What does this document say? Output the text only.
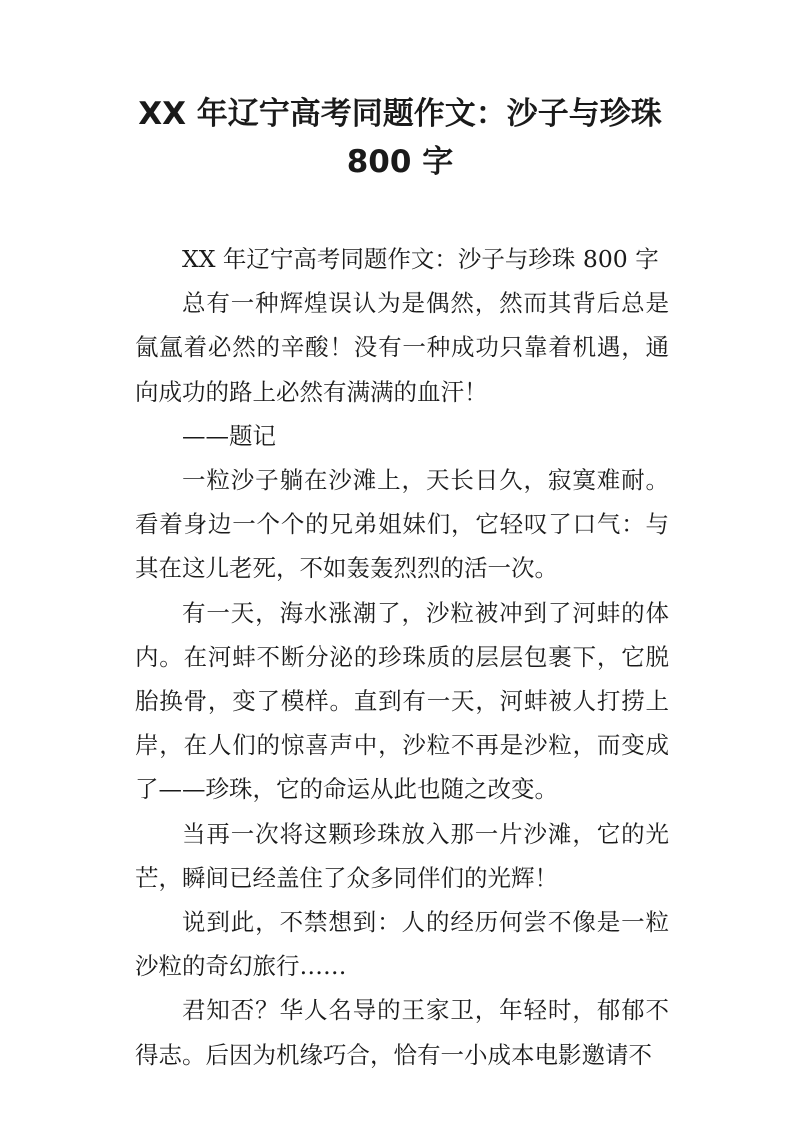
XX 年辽宁高考同题作文：沙子与珍珠
800 字

XX 年辽宁高考同题作文：沙子与珍珠 800 字

总有一种辉煌误认为是偶然，然而其背后总是氤氲着必然的辛酸！没有一种成功只靠着机遇，通向成功的路上必然有满满的血汗！

——题记

一粒沙子躺在沙滩上，天长日久，寂寞难耐。看着身边一个个的兄弟姐妹们，它轻叹了口气：与其在这儿老死，不如轰轰烈烈的活一次。

有一天，海水涨潮了，沙粒被冲到了河蚌的体内。在河蚌不断分泌的珍珠质的层层包裹下，它脱胎换骨，变了模样。直到有一天，河蚌被人打捞上岸，在人们的惊喜声中，沙粒不再是沙粒，而变成了——珍珠，它的命运从此也随之改变。

当再一次将这颗珍珠放入那一片沙滩，它的光芒，瞬间已经盖住了众多同伴们的光辉！

说到此，不禁想到：人的经历何尝不像是一粒沙粒的奇幻旅行……

君知否？华人名导的王家卫，年轻时，郁郁不得志。后因为机缘巧合，恰有一小成本电影邀请不
